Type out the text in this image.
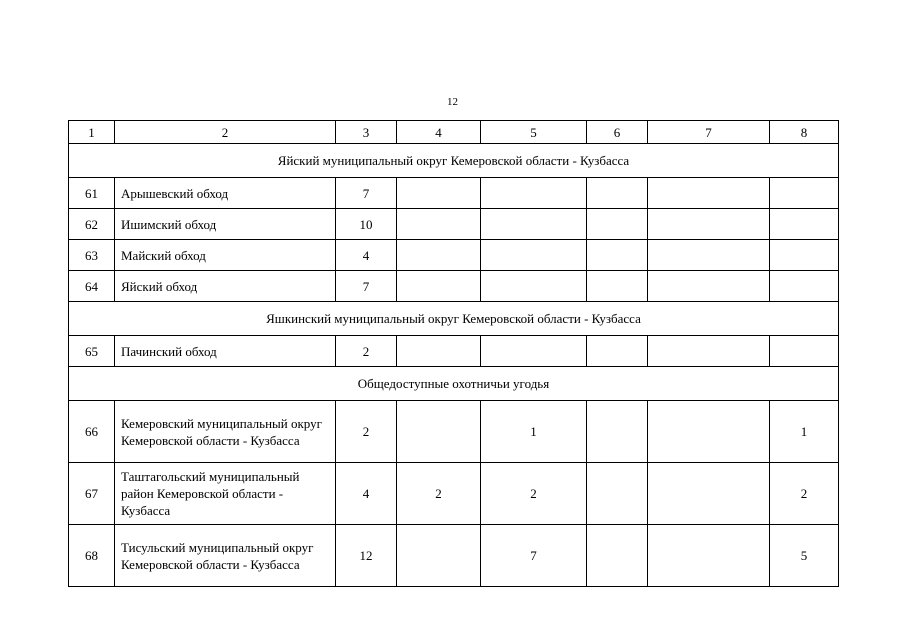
12
1	2	3	4	5	6	7	8
Яйский муниципальный округ Кемеровской области - Кузбасса							
61	Арышевский обход	7					
62	Ишимский обход	10					
63	Майский обход	4					
64	Яйский обход	7					
Яшкинский муниципальный округ Кемеровской области - Кузбасса							
65	Пачинский обход	2					
Общедоступные охотничьи угодья							
66	Кемеровский муниципальный округ Кемеровской области - Кузбасса	2		1			1
67	Таштагольский муниципальный район Кемеровской области - Кузбасса	4	2	2			2
68	Тисульский муниципальный округ Кемеровской области - Кузбасса	12		7			5
